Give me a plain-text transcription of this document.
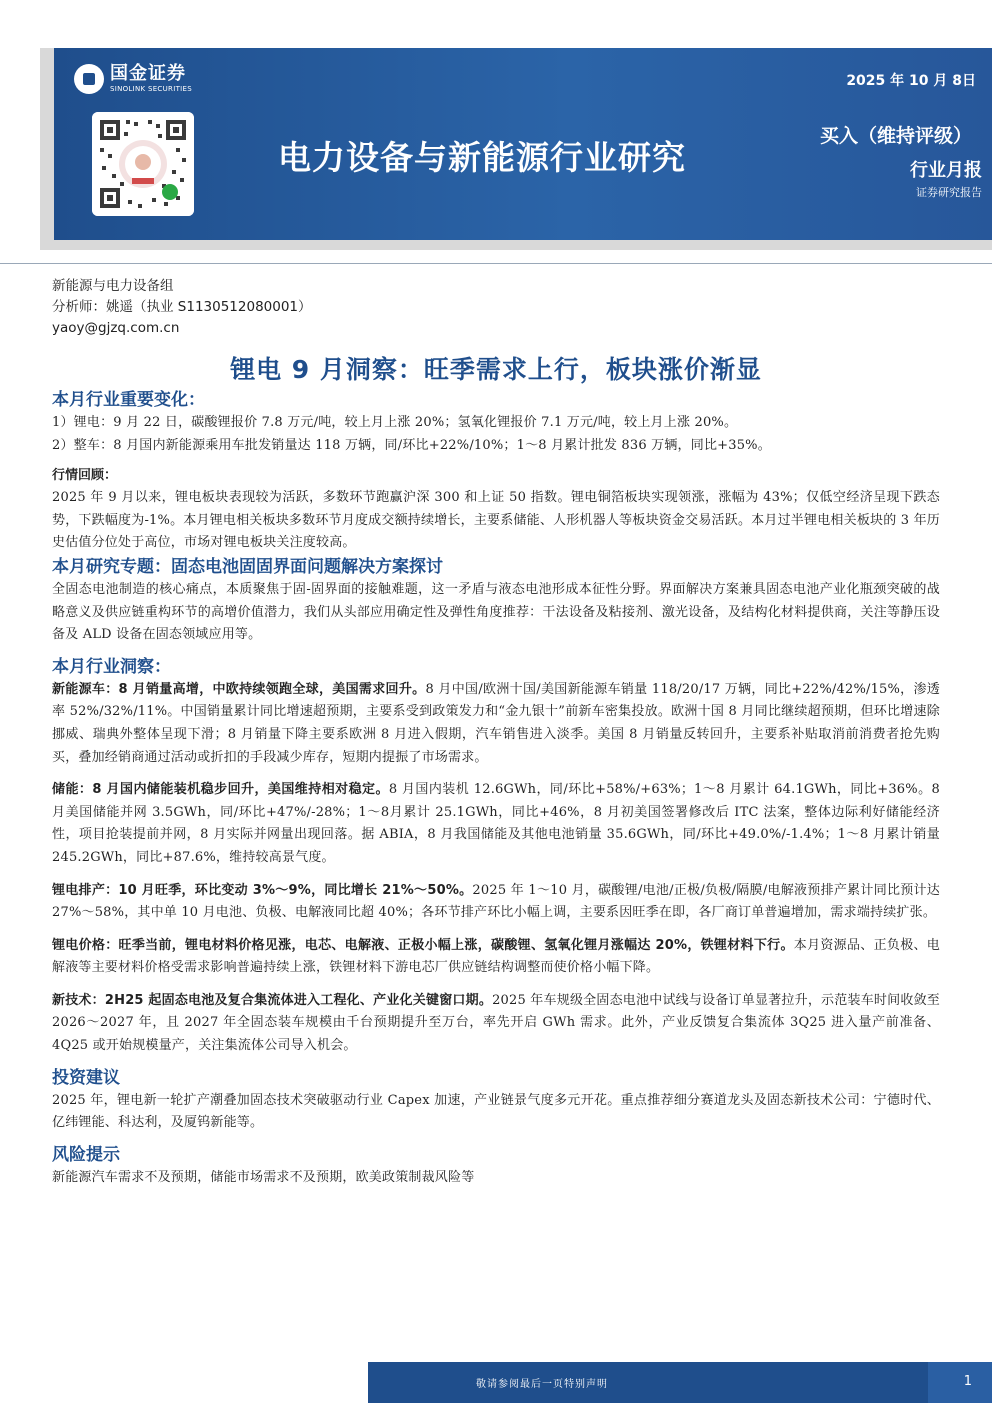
国金证券
SINOLINK SECURITIES	2025 年 10 月 8日
电力设备与新能源行业研究
买入（维持评级）
行业月报
证券研究报告
新能源与电力设备组
分析师：姚遥（执业 S1130512080001）
yaoy@gjzq.com.cn
锂电 9 月洞察：旺季需求上行，板块涨价渐显
本月行业重要变化：
1）锂电：9 月 22 日，碳酸锂报价 7.8 万元/吨，较上月上涨 20%；氢氧化锂报价 7.1 万元/吨，较上月上涨 20%。
2）整车：8 月国内新能源乘用车批发销量达 118 万辆，同/环比+22%/10%；1～8 月累计批发 836 万辆，同比+35%。
行情回顾：
2025 年 9 月以来，锂电板块表现较为活跃，多数环节跑赢沪深 300 和上证 50 指数。锂电铜箔板块实现领涨，涨幅为 43%；仅低空经济呈现下跌态势，下跌幅度为-1%。本月锂电相关板块多数环节月度成交额持续增长，主要系储能、人形机器人等板块资金交易活跃。本月过半锂电相关板块的 3 年历史估值分位处于高位，市场对锂电板块关注度较高。
本月研究专题：固态电池固固界面问题解决方案探讨
全固态电池制造的核心痛点，本质聚焦于固-固界面的接触难题，这一矛盾与液态电池形成本征性分野。界面解决方案兼具固态电池产业化瓶颈突破的战略意义及供应链重构环节的高增价值潜力，我们从头部应用确定性及弹性角度推荐：干法设备及粘接剂、激光设备，及结构化材料提供商，关注等静压设备及 ALD 设备在固态领域应用等。
本月行业洞察：
新能源车：8 月销量高增，中欧持续领跑全球，美国需求回升。8 月中国/欧洲十国/美国新能源车销量 118/20/17 万辆，同比+22%/42%/15%，渗透率 52%/32%/11%。中国销量累计同比增速超预期，主要系受到政策发力和“金九银十”前新车密集投放。欧洲十国 8 月同比继续超预期，但环比增速除挪威、瑞典外整体呈现下滑；8 月销量下降主要系欧洲 8 月进入假期，汽车销售进入淡季。美国 8 月销量反转回升，主要系补贴取消前消费者抢先购买，叠加经销商通过活动或折扣的手段减少库存，短期内提振了市场需求。
储能：8 月国内储能装机稳步回升，美国维持相对稳定。8 月国内装机 12.6GWh，同/环比+58%/+63%；1～8 月累计 64.1GWh，同比+36%。8月美国储能并网 3.5GWh，同/环比+47%/-28%；1～8月累计 25.1GWh，同比+46%，8 月初美国签署修改后 ITC 法案，整体边际利好储能经济性，项目抢装提前并网，8 月实际并网量出现回落。据 ABIA，8 月我国储能及其他电池销量 35.6GWh，同/环比+49.0%/-1.4%；1～8 月累计销量 245.2GWh，同比+87.6%，维持较高景气度。
锂电排产：10 月旺季，环比变动 3%～9%，同比增长 21%～50%。2025 年 1～10 月，碳酸锂/电池/正极/负极/隔膜/电解液预排产累计同比预计达 27%～58%，其中单 10 月电池、负极、电解液同比超 40%；各环节排产环比小幅上调，主要系因旺季在即，各厂商订单普遍增加，需求端持续扩张。
锂电价格：旺季当前，锂电材料价格见涨，电芯、电解液、正极小幅上涨，碳酸锂、氢氧化锂月涨幅达 20%，铁锂材料下行。本月资源品、正负极、电解液等主要材料价格受需求影响普遍持续上涨，铁锂材料下游电芯厂供应链结构调整而使价格小幅下降。
新技术：2H25 起固态电池及复合集流体进入工程化、产业化关键窗口期。2025 年车规级全固态电池中试线与设备订单显著拉升，示范装车时间收敛至 2026～2027 年，且 2027 年全固态装车规模由千台预期提升至万台，率先开启 GWh 需求。此外，产业反馈复合集流体 3Q25 进入量产前准备、4Q25 或开始规模量产，关注集流体公司导入机会。
投资建议
2025 年，锂电新一轮扩产潮叠加固态技术突破驱动行业 Capex 加速，产业链景气度多元开花。重点推荐细分赛道龙头及固态新技术公司：宁德时代、亿纬锂能、科达利，及厦钨新能等。
风险提示
新能源汽车需求不及预期，储能市场需求不及预期，欧美政策制裁风险等
敬请参阅最后一页特别声明	1
